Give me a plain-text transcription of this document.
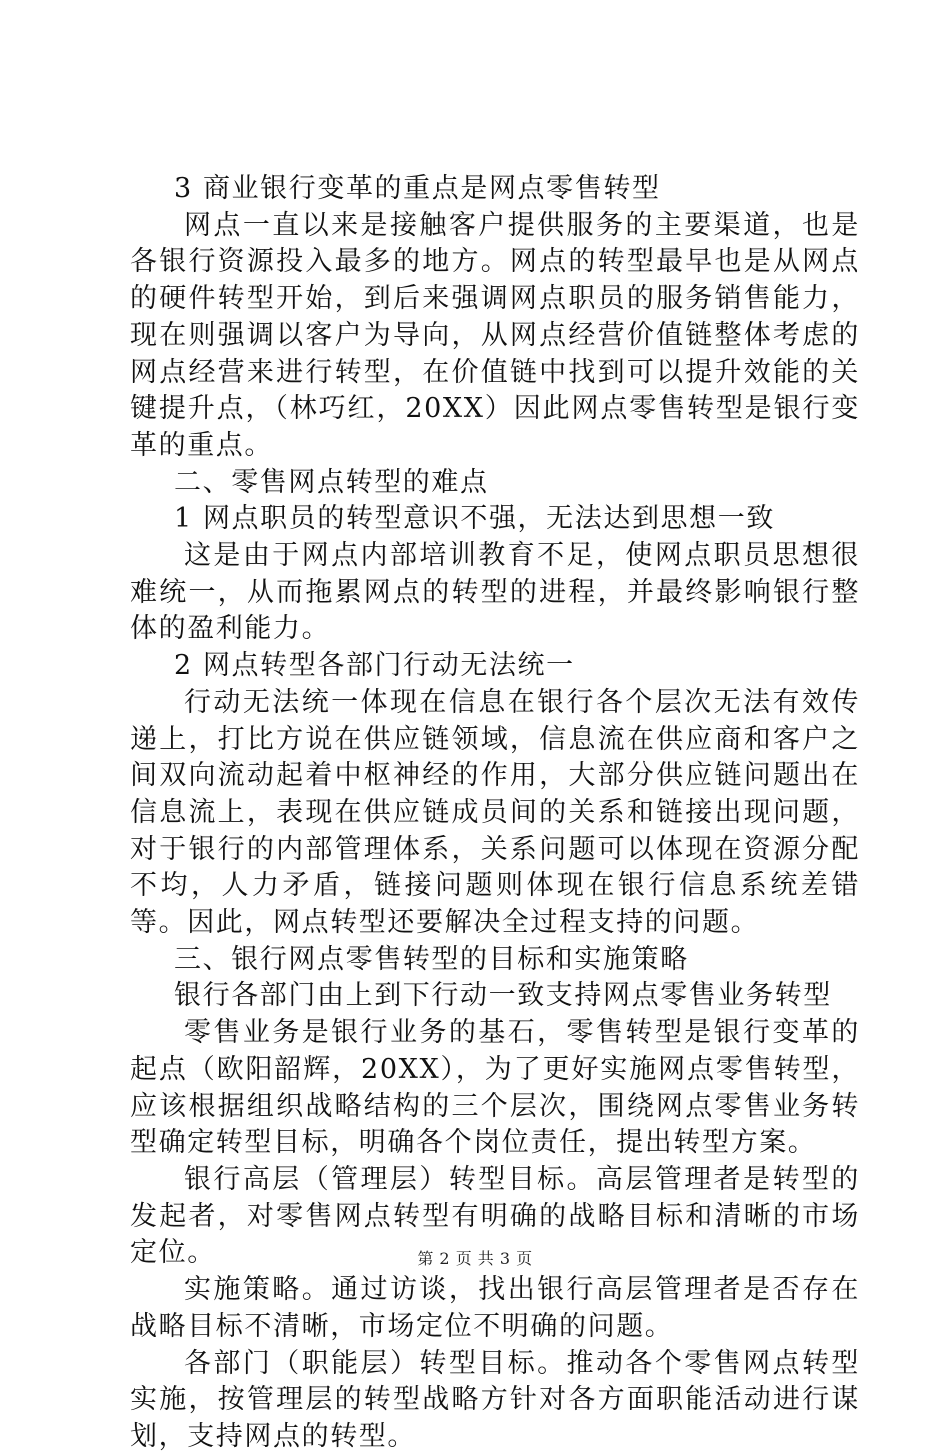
3 商业银行变革的重点是网点零售转型

网点一直以来是接触客户提供服务的主要渠道，也是各银行资源投入最多的地方。网点的转型最早也是从网点的硬件转型开始，到后来强调网点职员的服务销售能力，现在则强调以客户为导向，从网点经营价值链整体考虑的网点经营来进行转型，在价值链中找到可以提升效能的关键提升点，（林巧红，20XX）因此网点零售转型是银行变革的重点。

二、零售网点转型的难点

1 网点职员的转型意识不强，无法达到思想一致

这是由于网点内部培训教育不足，使网点职员思想很难统一，从而拖累网点的转型的进程，并最终影响银行整体的盈利能力。

2 网点转型各部门行动无法统一

行动无法统一体现在信息在银行各个层次无法有效传递上，打比方说在供应链领域，信息流在供应商和客户之间双向流动起着中枢神经的作用，大部分供应链问题出在信息流上，表现在供应链成员间的关系和链接出现问题，对于银行的内部管理体系，关系问题可以体现在资源分配不均，人力矛盾，链接问题则体现在银行信息系统差错等。因此，网点转型还要解决全过程支持的问题。

三、银行网点零售转型的目标和实施策略

银行各部门由上到下行动一致支持网点零售业务转型

零售业务是银行业务的基石，零售转型是银行变革的起点（欧阳韶辉，20XX），为了更好实施网点零售转型，应该根据组织战略结构的三个层次，围绕网点零售业务转型确定转型目标，明确各个岗位责任，提出转型方案。

银行高层（管理层）转型目标。高层管理者是转型的发起者，对零售网点转型有明确的战略目标和清晰的市场定位。

实施策略。通过访谈，找出银行高层管理者是否存在战略目标不清晰，市场定位不明确的问题。

各部门（职能层）转型目标。推动各个零售网点转型实施，按管理层的转型战略方针对各方面职能活动进行谋划，支持网点的转型。

第 2 页 共 3 页
